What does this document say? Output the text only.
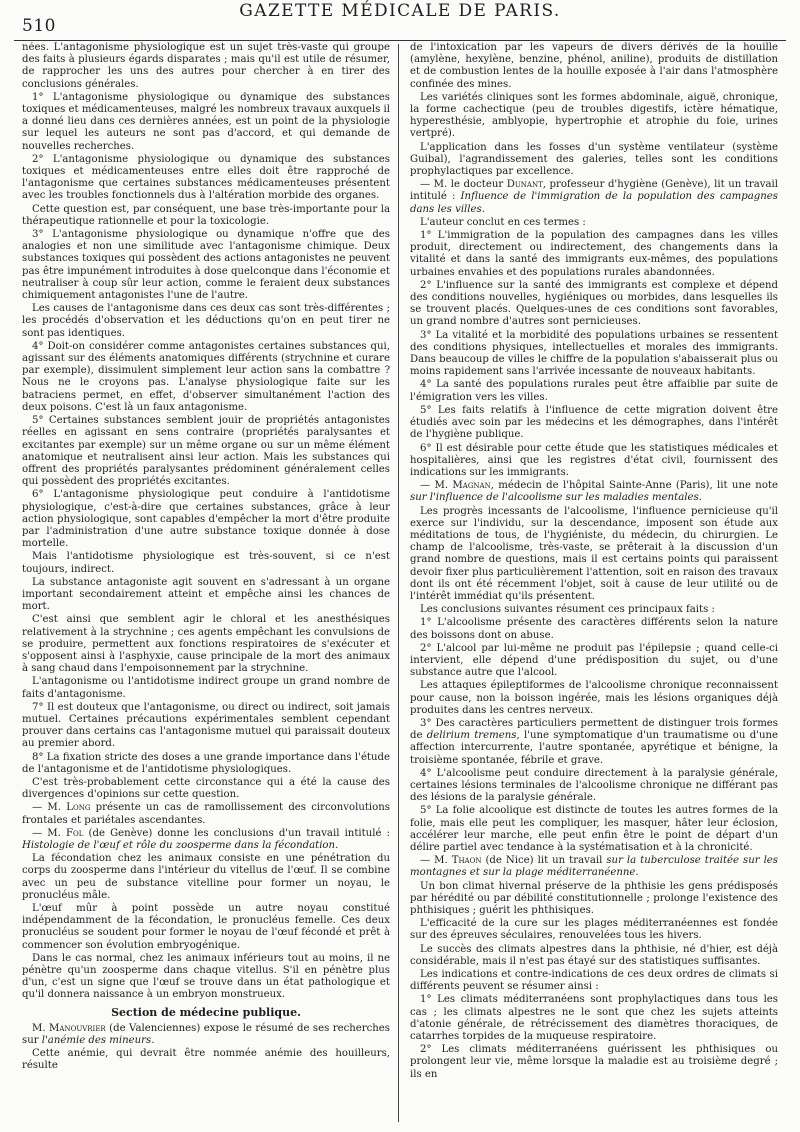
510
GAZETTE MÉDICALE DE PARIS.

nées. L'antagonisme physiologique est un sujet très-vaste qui groupe des faits à plusieurs égards disparates ; mais qu'il est utile de résumer, de rapprocher les uns des autres pour chercher à en tirer des conclusions générales.

1° L'antagonisme physiologique ou dynamique des substances toxiques et médicamenteuses, malgré les nombreux travaux auxquels il a donné lieu dans ces dernières années, est un point de la physiologie sur lequel les auteurs ne sont pas d'accord, et qui demande de nouvelles recherches.

2° L'antagonisme physiologique ou dynamique des substances toxiques et médicamenteuses entre elles doit être rapproché de l'antagonisme que certaines substances médicamenteuses présentent avec les troubles fonctionnels dus à l'altération morbide des organes.

Cette question est, par conséquent, une base très-importante pour la thérapeutique rationnelle et pour la toxicologie.

3° L'antagonisme physiologique ou dynamique n'offre que des analogies et non une similitude avec l'antagonisme chimique. Deux substances toxiques qui possèdent des actions antagonistes ne peuvent pas être impunément introduites à dose quelconque dans l'économie et neutraliser à coup sûr leur action, comme le feraient deux substances chimiquement antagonistes l'une de l'autre.

Les causes de l'antagonisme dans ces deux cas sont très-différentes ; les procédés d'observation et les déductions qu'on en peut tirer ne sont pas identiques.

4° Doit-on considérer comme antagonistes certaines substances qui, agissant sur des éléments anatomiques différents (strychnine et curare par exemple), dissimulent simplement leur action sans la combattre ? Nous ne le croyons pas. L'analyse physiologique faite sur les batraciens permet, en effet, d'observer simultanément l'action des deux poisons. C'est là un faux antagonisme.

5° Certaines substances semblent jouir de propriétés antagonistes réelles en agissant en sens contraire (propriétés paralysantes et excitantes par exemple) sur un même organe ou sur un même élément anatomique et neutralisent ainsi leur action. Mais les substances qui offrent des propriétés paralysantes prédominent généralement celles qui possèdent des propriétés excitantes.

6° L'antagonisme physiologique peut conduire à l'antidotisme physiologique, c'est-à-dire que certaines substances, grâce à leur action physiologique, sont capables d'empêcher la mort d'être produite par l'administration d'une autre substance toxique donnée à dose mortelle.

Mais l'antidotisme physiologique est très-souvent, si ce n'est toujours, indirect.

La substance antagoniste agit souvent en s'adressant à un organe important secondairement atteint et empêche ainsi les chances de mort.

C'est ainsi que semblent agir le chloral et les anesthésiques relativement à la strychnine ; ces agents empêchant les convulsions de se produire, permettent aux fonctions respiratoires de s'exécuter et s'opposent ainsi à l'asphyxie, cause principale de la mort des animaux à sang chaud dans l'empoisonnement par la strychnine.

L'antagonisme ou l'antidotisme indirect groupe un grand nombre de faits d'antagonisme.

7° Il est douteux que l'antagonisme, ou direct ou indirect, soit jamais mutuel. Certaines précautions expérimentales semblent cependant prouver dans certains cas l'antagonisme mutuel qui paraissait douteux au premier abord.

8° La fixation stricte des doses a une grande importance dans l'étude de l'antagonisme et de l'antidotisme physiologiques.

C'est très-probablement cette circonstance qui a été la cause des divergences d'opinions sur cette question.

— M. Long présente un cas de ramollissement des circonvolutions frontales et pariétales ascendantes.

— M. Fol (de Genève) donne les conclusions d'un travail intitulé : Histologie de l'œuf et rôle du zoosperme dans la fécondation.

La fécondation chez les animaux consiste en une pénétration du corps du zoosperme dans l'intérieur du vitellus de l'œuf. Il se combine avec un peu de substance vitelline pour former un noyau, le pronucléus mâle.

L'œuf mûr à point possède un autre noyau constitué indépendamment de la fécondation, le pronucléus femelle. Ces deux pronucléus se soudent pour former le noyau de l'œuf fécondé et prêt à commencer son évolution embryogénique.

Dans le cas normal, chez les animaux inférieurs tout au moins, il ne pénètre qu'un zoosperme dans chaque vitellus. S'il en pénètre plus d'un, c'est un signe que l'œuf se trouve dans un état pathologique et qu'il donnera naissance à un embryon monstrueux.

Section de médecine publique.

M. Manouvrier (de Valenciennes) expose le résumé de ses recherches sur l'anémie des mineurs.

Cette anémie, qui devrait être nommée anémie des houilleurs, résulte

de l'intoxication par les vapeurs de divers dérivés de la houille (amylène, hexylène, benzine, phénol, aniline), produits de distillation et de combustion lentes de la houille exposée à l'air dans l'atmosphère confinée des mines.

Les variétés cliniques sont les formes abdominale, aiguë, chronique, la forme cachectique (peu de troubles digestifs, ictère hématique, hyperesthésie, amblyopie, hypertrophie et atrophie du foie, urines vertpré).

L'application dans les fosses d'un système ventilateur (système Guibal), l'agrandissement des galeries, telles sont les conditions prophylactiques par excellence.

— M. le docteur Dunant, professeur d'hygiène (Genève), lit un travail intitulé : Influence de l'immigration de la population des campagnes dans les villes.

L'auteur conclut en ces termes :

1° L'immigration de la population des campagnes dans les villes produit, directement ou indirectement, des changements dans la vitalité et dans la santé des immigrants eux-mêmes, des populations urbaines envahies et des populations rurales abandonnées.

2° L'influence sur la santé des immigrants est complexe et dépend des conditions nouvelles, hygiéniques ou morbides, dans lesquelles ils se trouvent placés. Quelques-unes de ces conditions sont favorables, un grand nombre d'autres sont pernicieuses.

3° La vitalité et la morbidité des populations urbaines se ressentent des conditions physiques, intellectuelles et morales des immigrants. Dans beaucoup de villes le chiffre de la population s'abaisserait plus ou moins rapidement sans l'arrivée incessante de nouveaux habitants.

4° La santé des populations rurales peut être affaiblie par suite de l'émigration vers les villes.

5° Les faits relatifs à l'influence de cette migration doivent être étudiés avec soin par les médecins et les démographes, dans l'intérêt de l'hygiène publique.

6° Il est désirable pour cette étude que les statistiques médicales et hospitalières, ainsi que les registres d'état civil, fournissent des indications sur les immigrants.

— M. Magnan, médecin de l'hôpital Sainte-Anne (Paris), lit une note sur l'influence de l'alcoolisme sur les maladies mentales.

Les progrès incessants de l'alcoolisme, l'influence pernicieuse qu'il exerce sur l'individu, sur la descendance, imposent son étude aux méditations de tous, de l'hygiéniste, du médecin, du chirurgien. Le champ de l'alcoolisme, très-vaste, se prêterait à la discussion d'un grand nombre de questions, mais il est certains points qui paraissent devoir fixer plus particulièrement l'attention, soit en raison des travaux dont ils ont été récemment l'objet, soit à cause de leur utilité ou de l'intérêt immédiat qu'ils présentent.

Les conclusions suivantes résument ces principaux faits :

1° L'alcoolisme présente des caractères différents selon la nature des boissons dont on abuse.

2° L'alcool par lui-même ne produit pas l'épilepsie ; quand celle-ci intervient, elle dépend d'une prédisposition du sujet, ou d'une substance autre que l'alcool.

Les attaques épileptiformes de l'alcoolisme chronique reconnaissent pour cause, non la boisson ingérée, mais les lésions organiques déjà produites dans les centres nerveux.

3° Des caractères particuliers permettent de distinguer trois formes de delirium tremens, l'une symptomatique d'un traumatisme ou d'une affection intercurrente, l'autre spontanée, apyrétique et bénigne, la troisième spontanée, fébrile et grave.

4° L'alcoolisme peut conduire directement à la paralysie générale, certaines lésions terminales de l'alcoolisme chronique ne différant pas des lésions de la paralysie générale.

5° La folie alcoolique est distincte de toutes les autres formes de la folie, mais elle peut les compliquer, les masquer, hâter leur éclosion, accélérer leur marche, elle peut enfin être le point de départ d'un délire partiel avec tendance à la systématisation et à la chronicité.

— M. Thaon (de Nice) lit un travail sur la tuberculose traitée sur les montagnes et sur la plage méditerranéenne.

Un bon climat hivernal préserve de la phthisie les gens prédisposés par hérédité ou par débilité constitutionnelle ; prolonge l'existence des phthisiques ; guérit les phthisiques.

L'efficacité de la cure sur les plages méditerranéennes est fondée sur des épreuves séculaires, renouvelées tous les hivers.

Le succès des climats alpestres dans la phthisie, né d'hier, est déjà considérable, mais il n'est pas étayé sur des statistiques suffisantes.

Les indications et contre-indications de ces deux ordres de climats si différents peuvent se résumer ainsi :

1° Les climats méditerranéens sont prophylactiques dans tous les cas ; les climats alpestres ne le sont que chez les sujets atteints d'atonie générale, de rétrécissement des diamètres thoraciques, de catarrhes torpides de la muqueuse respiratoire.

2° Les climats méditerranéens guérissent les phthisiques ou prolongent leur vie, même lorsque la maladie est au troisième degré ; ils en
